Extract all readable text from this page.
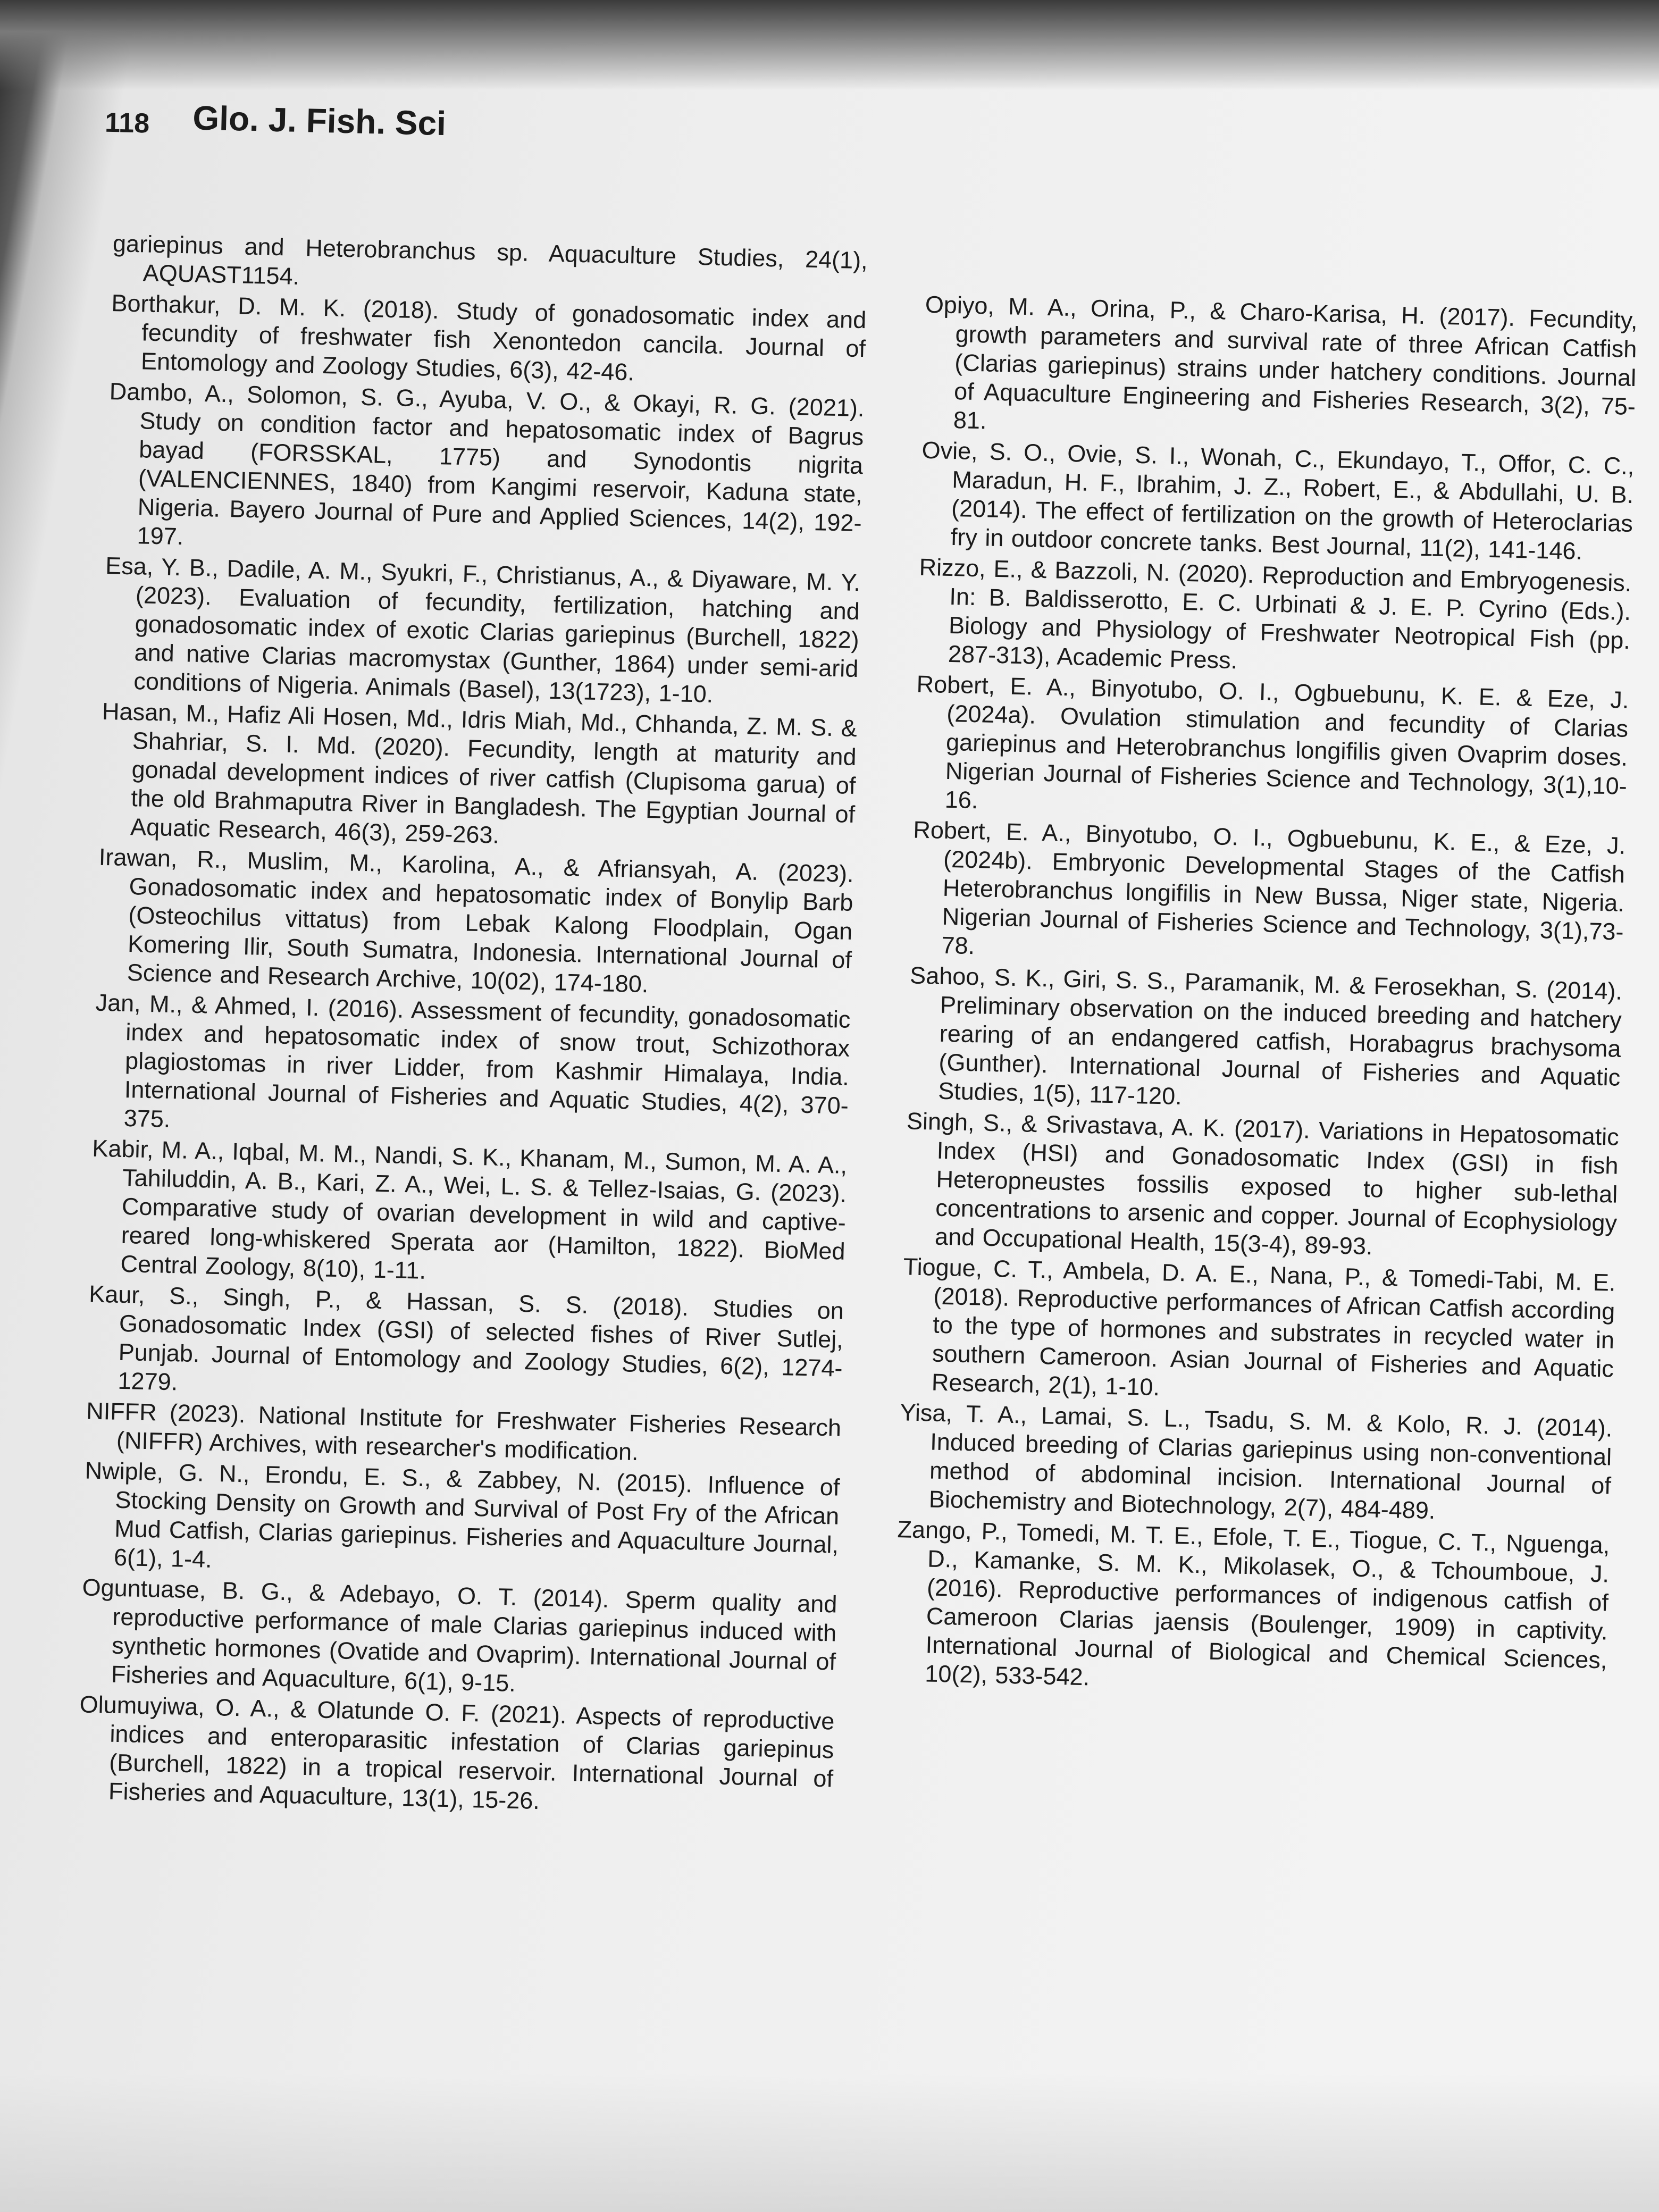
118 Glo. J. Fish. Sci

gariepinus and Heterobranchus sp. Aquaculture Studies, 24(1), AQUAST1154.

Borthakur, D. M. K. (2018). Study of gonadosomatic index and fecundity of freshwater fish Xenontedon cancila. Journal of Entomology and Zoology Studies, 6(3), 42-46.

Dambo, A., Solomon, S. G., Ayuba, V. O., & Okayi, R. G. (2021). Study on condition factor and hepatosomatic index of Bagrus bayad (FORSSKAL, 1775) and Synodontis nigrita (VALENCIENNES, 1840) from Kangimi reservoir, Kaduna state, Nigeria. Bayero Journal of Pure and Applied Sciences, 14(2), 192-197.

Esa, Y. B., Dadile, A. M., Syukri, F., Christianus, A., & Diyaware, M. Y. (2023). Evaluation of fecundity, fertilization, hatching and gonadosomatic index of exotic Clarias gariepinus (Burchell, 1822) and native Clarias macromystax (Gunther, 1864) under semi-arid conditions of Nigeria. Animals (Basel), 13(1723), 1-10.

Hasan, M., Hafiz Ali Hosen, Md., Idris Miah, Md., Chhanda, Z. M. S. & Shahriar, S. I. Md. (2020). Fecundity, length at maturity and gonadal development indices of river catfish (Clupisoma garua) of the old Brahmaputra River in Bangladesh. The Egyptian Journal of Aquatic Research, 46(3), 259-263.

Irawan, R., Muslim, M., Karolina, A., & Afriansyah, A. (2023). Gonadosomatic index and hepatosomatic index of Bonylip Barb (Osteochilus vittatus) from Lebak Kalong Floodplain, Ogan Komering Ilir, South Sumatra, Indonesia. International Journal of Science and Research Archive, 10(02), 174-180.

Jan, M., & Ahmed, I. (2016). Assessment of fecundity, gonadosomatic index and hepatosomatic index of snow trout, Schizothorax plagiostomas in river Lidder, from Kashmir Himalaya, India. International Journal of Fisheries and Aquatic Studies, 4(2), 370-375.

Kabir, M. A., Iqbal, M. M., Nandi, S. K., Khanam, M., Sumon, M. A. A., Tahiluddin, A. B., Kari, Z. A., Wei, L. S. & Tellez-Isaias, G. (2023). Comparative study of ovarian development in wild and captive-reared long-whiskered Sperata aor (Hamilton, 1822). BioMed Central Zoology, 8(10), 1-11.

Kaur, S., Singh, P., & Hassan, S. S. (2018). Studies on Gonadosomatic Index (GSI) of selected fishes of River Sutlej, Punjab. Journal of Entomology and Zoology Studies, 6(2), 1274-1279.

NIFFR (2023). National Institute for Freshwater Fisheries Research (NIFFR) Archives, with researcher's modification.

Nwiple, G. N., Erondu, E. S., & Zabbey, N. (2015). Influence of Stocking Density on Growth and Survival of Post Fry of the African Mud Catfish, Clarias gariepinus. Fisheries and Aquaculture Journal, 6(1), 1-4.

Oguntuase, B. G., & Adebayo, O. T. (2014). Sperm quality and reproductive performance of male Clarias gariepinus induced with synthetic hormones (Ovatide and Ovaprim). International Journal of Fisheries and Aquaculture, 6(1), 9-15.

Olumuyiwa, O. A., & Olatunde O. F. (2021). Aspects of reproductive indices and enteroparasitic infestation of Clarias gariepinus (Burchell, 1822) in a tropical reservoir. International Journal of Fisheries and Aquaculture, 13(1), 15-26.

Opiyo, M. A., Orina, P., & Charo-Karisa, H. (2017). Fecundity, growth parameters and survival rate of three African Catfish (Clarias gariepinus) strains under hatchery conditions. Journal of Aquaculture Engineering and Fisheries Research, 3(2), 75-81.

Ovie, S. O., Ovie, S. I., Wonah, C., Ekundayo, T., Offor, C. C., Maradun, H. F., Ibrahim, J. Z., Robert, E., & Abdullahi, U. B. (2014). The effect of fertilization on the growth of Heteroclarias fry in outdoor concrete tanks. Best Journal, 11(2), 141-146.

Rizzo, E., & Bazzoli, N. (2020). Reproduction and Embryogenesis. In: B. Baldisserotto, E. C. Urbinati & J. E. P. Cyrino (Eds.). Biology and Physiology of Freshwater Neotropical Fish (pp. 287-313), Academic Press.

Robert, E. A., Binyotubo, O. I., Ogbuebunu, K. E. & Eze, J. (2024a). Ovulation stimulation and fecundity of Clarias gariepinus and Heterobranchus longifilis given Ovaprim doses. Nigerian Journal of Fisheries Science and Technology, 3(1),10-16.

Robert, E. A., Binyotubo, O. I., Ogbuebunu, K. E., & Eze, J. (2024b). Embryonic Developmental Stages of the Catfish Heterobranchus longifilis in New Bussa, Niger state, Nigeria. Nigerian Journal of Fisheries Science and Technology, 3(1),73-78.

Sahoo, S. K., Giri, S. S., Paramanik, M. & Ferosekhan, S. (2014). Preliminary observation on the induced breeding and hatchery rearing of an endangered catfish, Horabagrus brachysoma (Gunther). International Journal of Fisheries and Aquatic Studies, 1(5), 117-120.

Singh, S., & Srivastava, A. K. (2017). Variations in Hepatosomatic Index (HSI) and Gonadosomatic Index (GSI) in fish Heteropneustes fossilis exposed to higher sub-lethal concentrations to arsenic and copper. Journal of Ecophysiology and Occupational Health, 15(3-4), 89-93.

Tiogue, C. T., Ambela, D. A. E., Nana, P., & Tomedi-Tabi, M. E. (2018). Reproductive performances of African Catfish according to the type of hormones and substrates in recycled water in southern Cameroon. Asian Journal of Fisheries and Aquatic Research, 2(1), 1-10.

Yisa, T. A., Lamai, S. L., Tsadu, S. M. & Kolo, R. J. (2014). Induced breeding of Clarias gariepinus using non-conventional method of abdominal incision. International Journal of Biochemistry and Biotechnology, 2(7), 484-489.

Zango, P., Tomedi, M. T. E., Efole, T. E., Tiogue, C. T., Nguenga, D., Kamanke, S. M. K., Mikolasek, O., & Tchoumboue, J. (2016). Reproductive performances of indigenous catfish of Cameroon Clarias jaensis (Boulenger, 1909) in captivity. International Journal of Biological and Chemical Sciences, 10(2), 533-542.
